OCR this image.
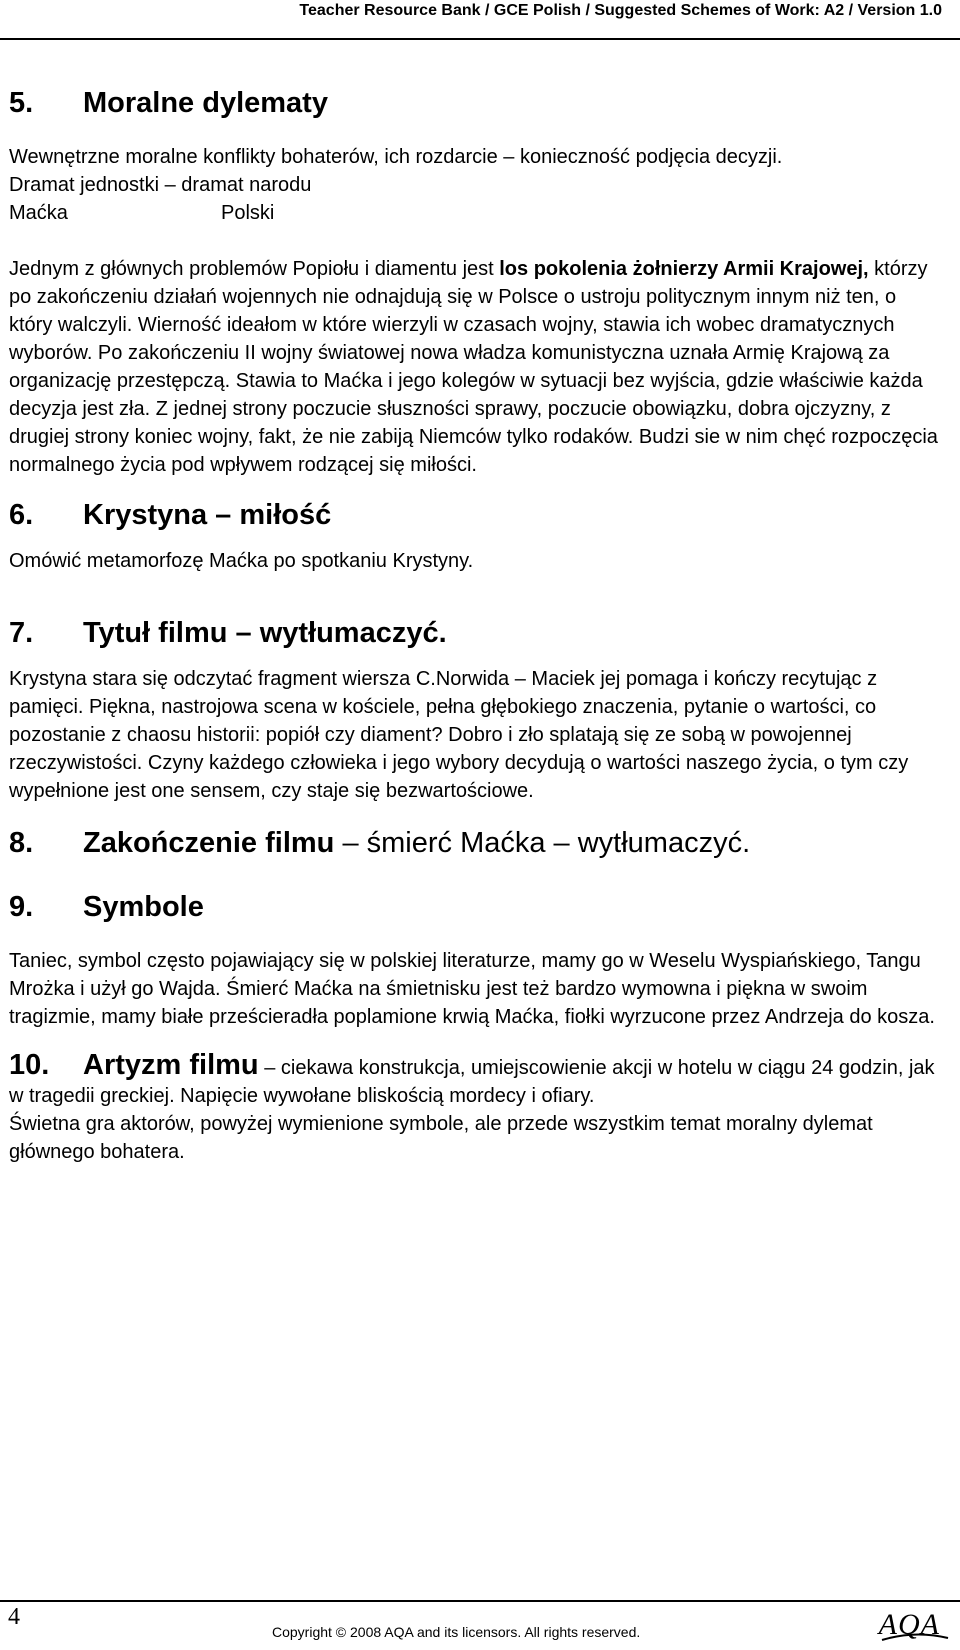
Teacher Resource Bank / GCE Polish / Suggested Schemes of Work: A2 / Version 1.0
5.	Moralne dylematy

Wewnętrzne moralne konflikty bohaterów, ich rozdarcie – konieczność podjęcia decyzji.

Dramat jednostki – dramat narodu

Maćka	Polski

Jednym z głównych problemów Popiołu i diamentu jest los pokolenia żołnierzy Armii Krajowej, którzy po zakończeniu działań wojennych nie odnajdują się w Polsce o ustroju politycznym innym niż ten, o który walczyli. Wierność ideałom w które wierzyli w czasach wojny, stawia ich wobec dramatycznych wyborów. Po zakończeniu II wojny światowej nowa władza komunistyczna uznała Armię Krajową za organizację przestępczą. Stawia to Maćka i jego kolegów w sytuacji bez wyjścia, gdzie właściwie każda decyzja jest zła. Z jednej strony poczucie słuszności sprawy, poczucie obowiązku, dobra ojczyzny, z drugiej strony koniec wojny, fakt, że nie zabiją Niemców tylko rodaków. Budzi sie w nim chęć rozpoczęcia normalnego życia pod wpływem rodzącej się miłości.

6.	Krystyna – miłość

Omówić metamorfozę Maćka po spotkaniu Krystyny.

7.	Tytuł filmu – wytłumaczyć.

Krystyna stara się odczytać fragment wiersza C.Norwida – Maciek jej pomaga i kończy recytując z pamięci. Piękna, nastrojowa scena w kościele, pełna głębokiego znaczenia, pytanie o wartości, co pozostanie z chaosu historii: popiół czy diament? Dobro i zło splatają się ze sobą w powojennej rzeczywistości. Czyny każdego człowieka i jego wybory decydują o wartości naszego życia, o tym czy wypełnione jest one sensem, czy staje się bezwartościowe.

8.	Zakończenie filmu – śmierć Maćka – wytłumaczyć.
9.	Symbole

Taniec, symbol często pojawiający się w polskiej literaturze, mamy go w Weselu Wyspiańskiego, Tangu Mrożka i użył go Wajda. Śmierć Maćka na śmietnisku jest też bardzo wymowna i piękna w swoim tragizmie, mamy białe prześcieradła poplamione krwią Maćka, fiołki wyrzucone przez Andrzeja do kosza.

10. Artyzm filmu – ciekawa konstrukcja, umiejscowienie akcji w hotelu w ciągu 24 godzin, jak w tragedii greckiej. Napięcie wywołane bliskością mordecy i ofiary.

Świetna gra aktorów, powyżej wymienione symbole, ale przede wszystkim temat moralny dylemat głównego bohatera.

4
Copyright © 2008 AQA and its licensors. All rights reserved.	AQA
